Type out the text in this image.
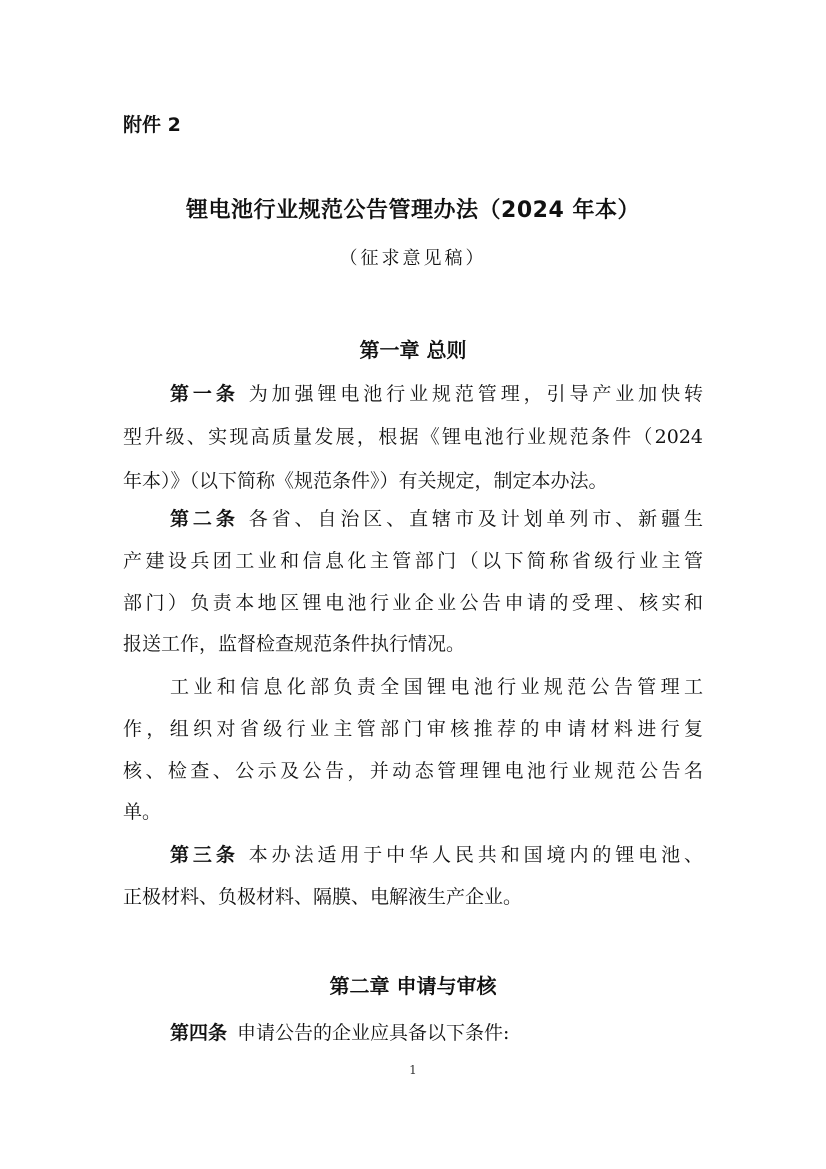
附件 2
锂电池行业规范公告管理办法（2024 年本）
（征求意见稿）
第一章 总则
第一条 为加强锂电池行业规范管理，引导产业加快转
型升级、实现高质量发展，根据《锂电池行业规范条件（2024
年本）》（以下简称《规范条件》）有关规定，制定本办法。
第二条 各省、自治区、直辖市及计划单列市、新疆生
产建设兵团工业和信息化主管部门（以下简称省级行业主管
部门）负责本地区锂电池行业企业公告申请的受理、核实和
报送工作，监督检查规范条件执行情况。
工业和信息化部负责全国锂电池行业规范公告管理工
作，组织对省级行业主管部门审核推荐的申请材料进行复
核、检查、公示及公告，并动态管理锂电池行业规范公告名
单。
第三条 本办法适用于中华人民共和国境内的锂电池、
正极材料、负极材料、隔膜、电解液生产企业。
第二章 申请与审核
第四条 申请公告的企业应具备以下条件:
1
